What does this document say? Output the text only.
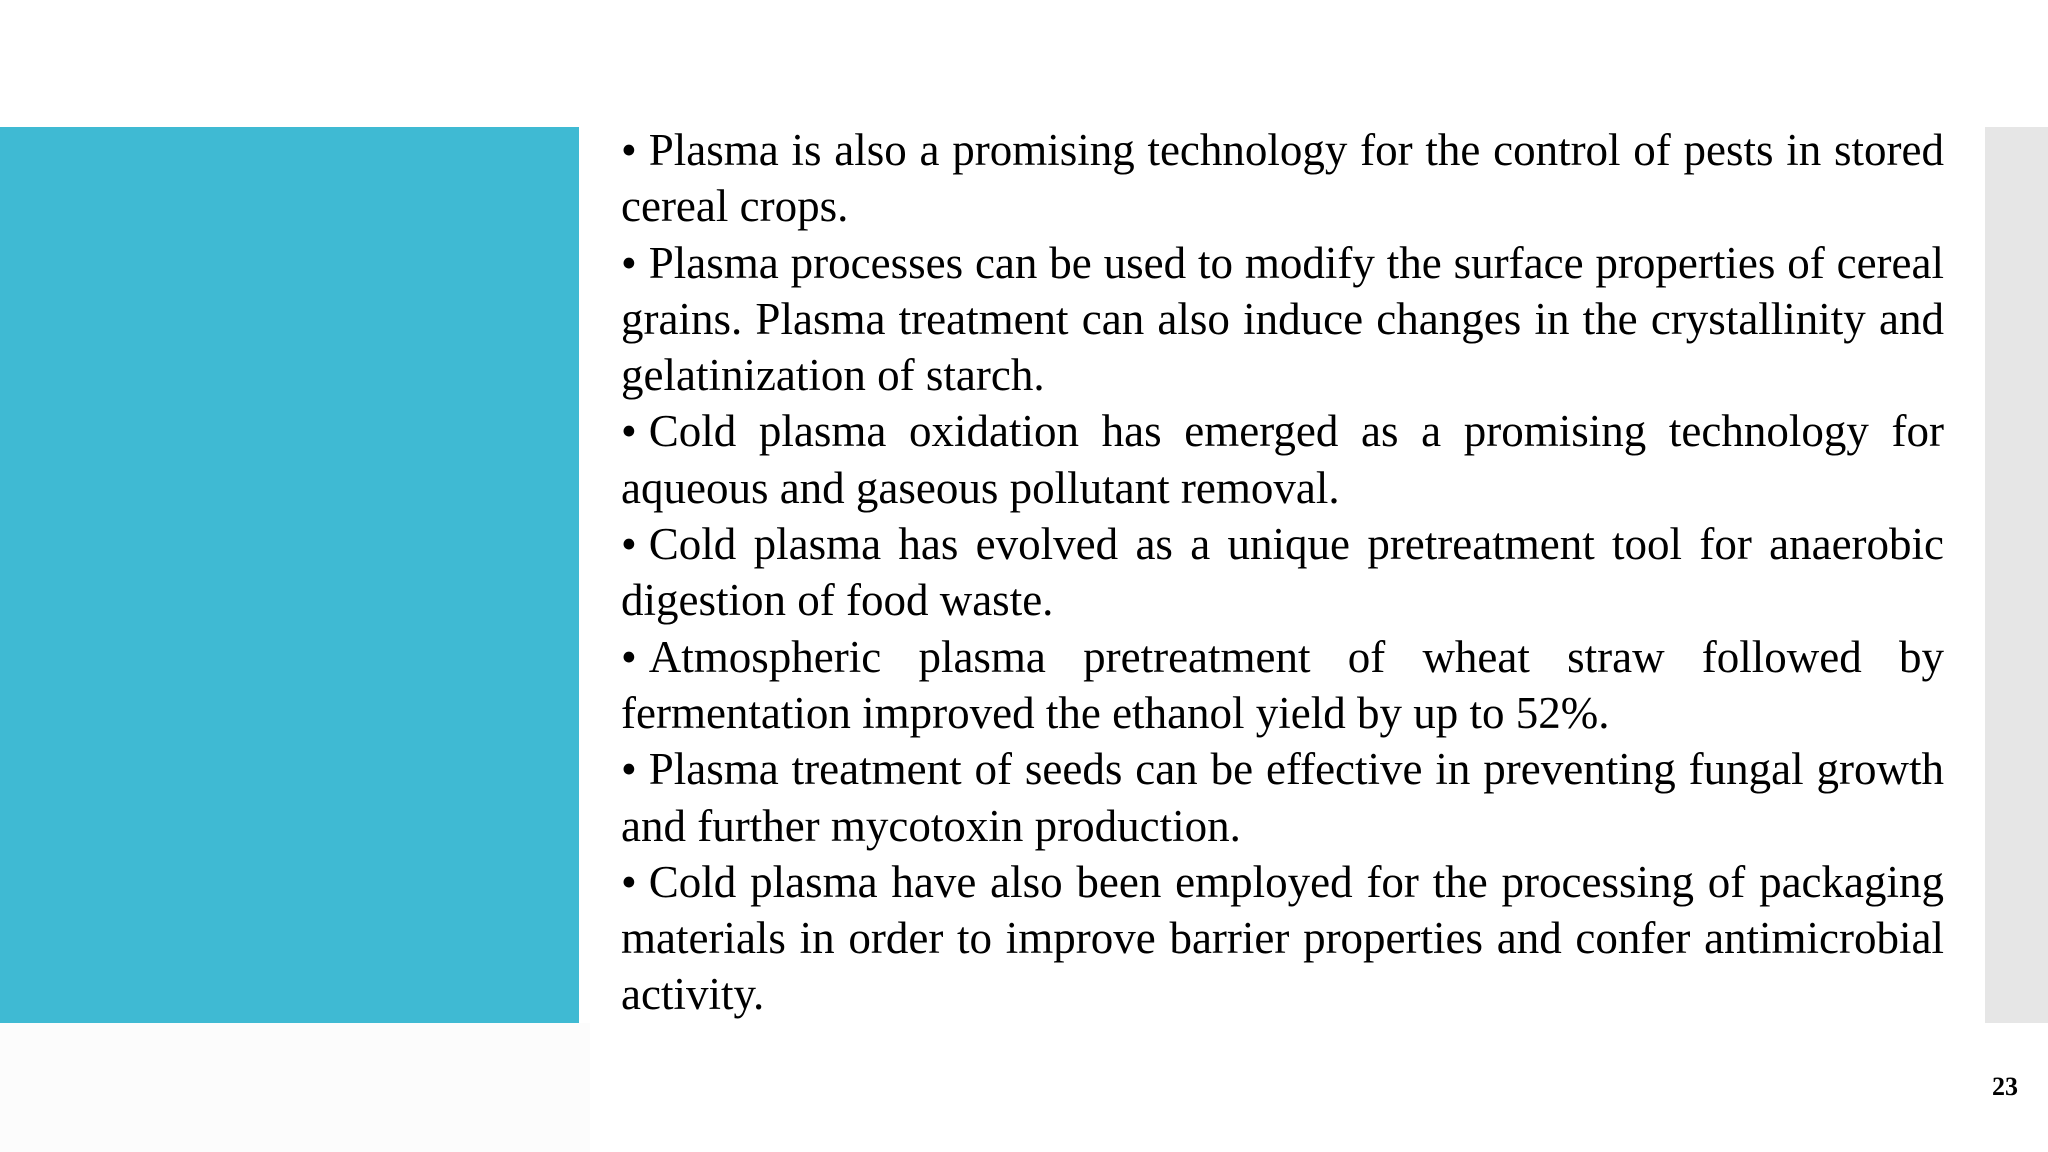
• Plasma is also a promising technology for the control of pests in stored cereal crops.
• Plasma processes can be used to modify the surface properties of cereal grains. Plasma treatment can also induce changes in the crystallinity and gelatinization of starch.
• Cold plasma oxidation has emerged as a promising technology for aqueous and gaseous pollutant removal.
• Cold plasma has evolved as a unique pretreatment tool for anaerobic digestion of food waste.
• Atmospheric plasma pretreatment of wheat straw followed by fermentation improved the ethanol yield by up to 52%.
• Plasma treatment of seeds can be effective in preventing fungal growth and further mycotoxin production.
• Cold plasma have also been employed for the processing of packaging materials in order to improve barrier properties and confer antimicrobial activity.
23
